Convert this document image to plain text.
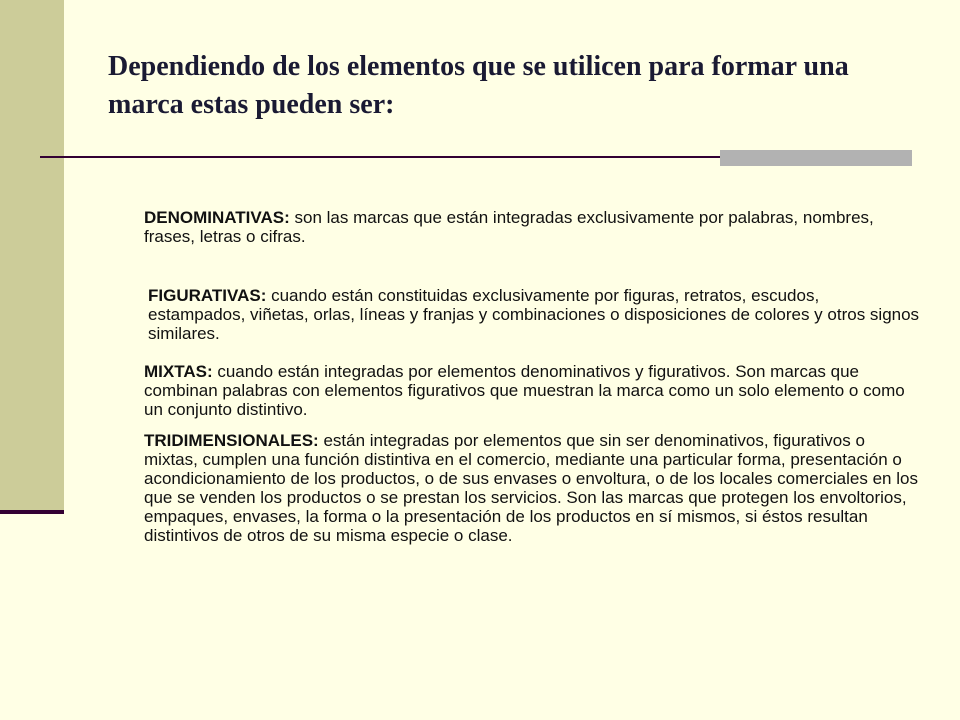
Dependiendo de los elementos que se utilicen para formar una marca estas pueden ser:

DENOMINATIVAS: son las marcas que están integradas exclusivamente por palabras, nombres, frases, letras o cifras.

FIGURATIVAS: cuando están constituidas exclusivamente por figuras, retratos, escudos, estampados, viñetas, orlas, líneas y franjas y combinaciones o disposiciones de colores y otros signos similares.

MIXTAS: cuando están integradas por elementos denominativos y figurativos. Son marcas que combinan palabras con elementos figurativos que muestran la marca como un solo elemento o como un conjunto distintivo.

TRIDIMENSIONALES: están integradas por elementos que sin ser denominativos, figurativos o mixtas, cumplen una función distintiva en el comercio, mediante una particular forma, presentación o acondicionamiento de los productos, o de sus envases o envoltura, o de los locales comerciales en los que se venden los productos o se prestan los servicios. Son las marcas que protegen los envoltorios, empaques, envases, la forma o la presentación de los productos en sí mismos, si éstos resultan distintivos de otros de su misma especie o clase.
